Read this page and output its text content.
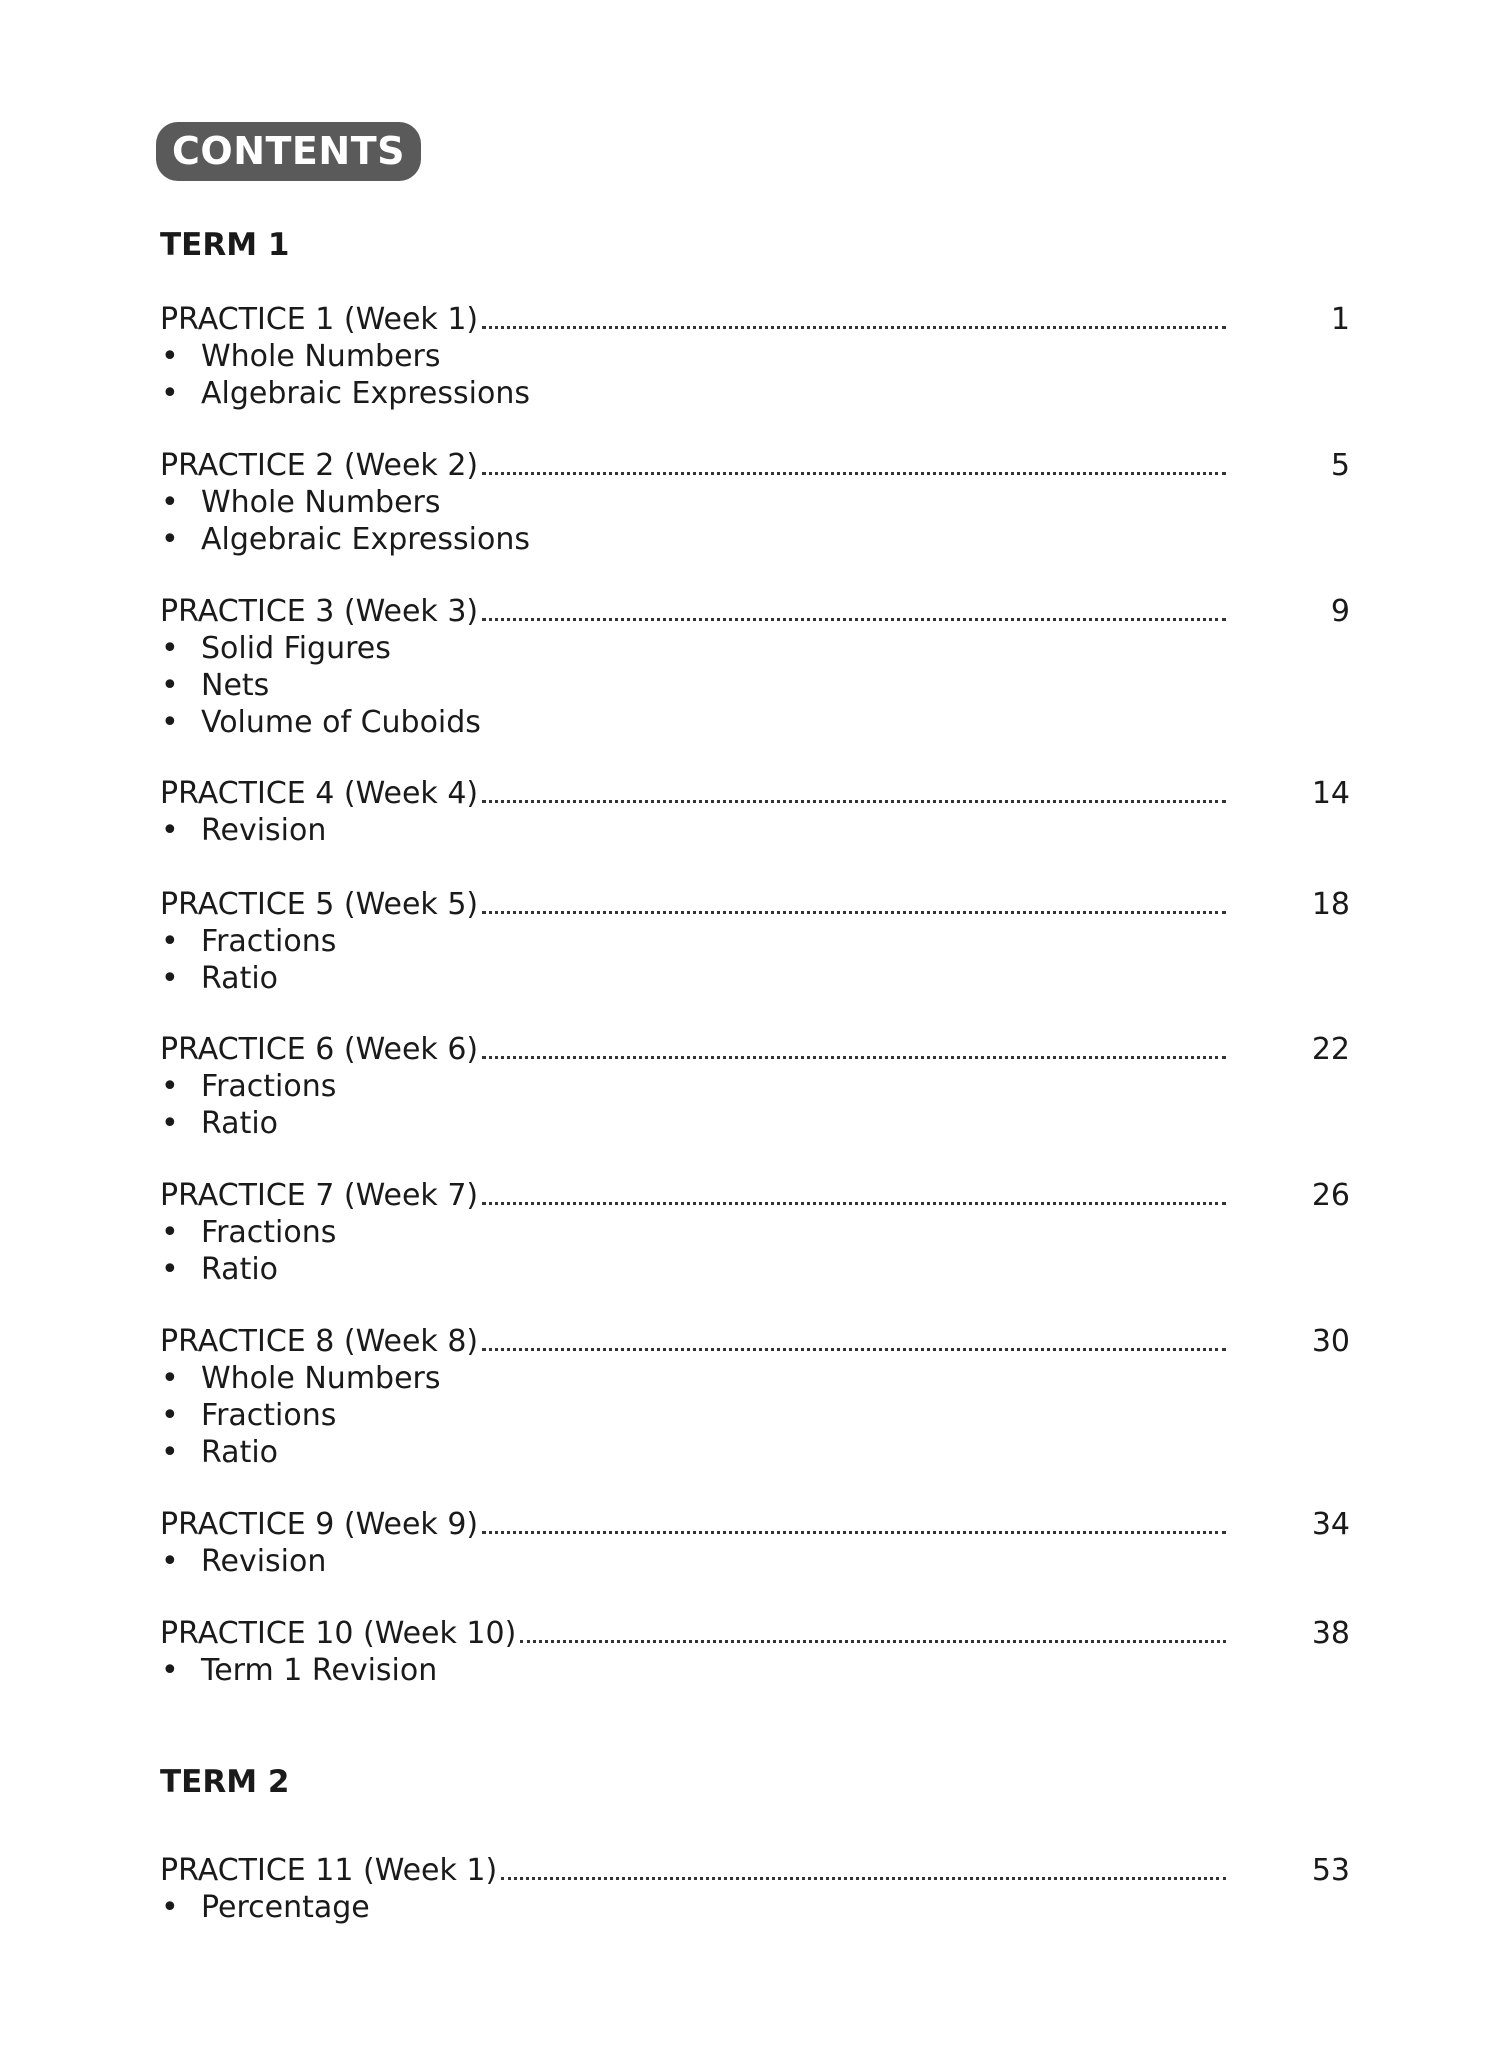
CONTENTS
TERM 1
PRACTICE 1 (Week 1)	1
• Whole Numbers
• Algebraic Expressions
PRACTICE 2 (Week 2)	5
• Whole Numbers
• Algebraic Expressions
PRACTICE 3 (Week 3)	9
• Solid Figures
• Nets
• Volume of Cuboids
PRACTICE 4 (Week 4)	14
• Revision
PRACTICE 5 (Week 5)	18
• Fractions
• Ratio
PRACTICE 6 (Week 6)	22
• Fractions
• Ratio
PRACTICE 7 (Week 7)	26
• Fractions
• Ratio
PRACTICE 8 (Week 8)	30
• Whole Numbers
• Fractions
• Ratio
PRACTICE 9 (Week 9)	34
• Revision
PRACTICE 10 (Week 10)	38
• Term 1 Revision
TERM 2
PRACTICE 11 (Week 1)	53
• Percentage
